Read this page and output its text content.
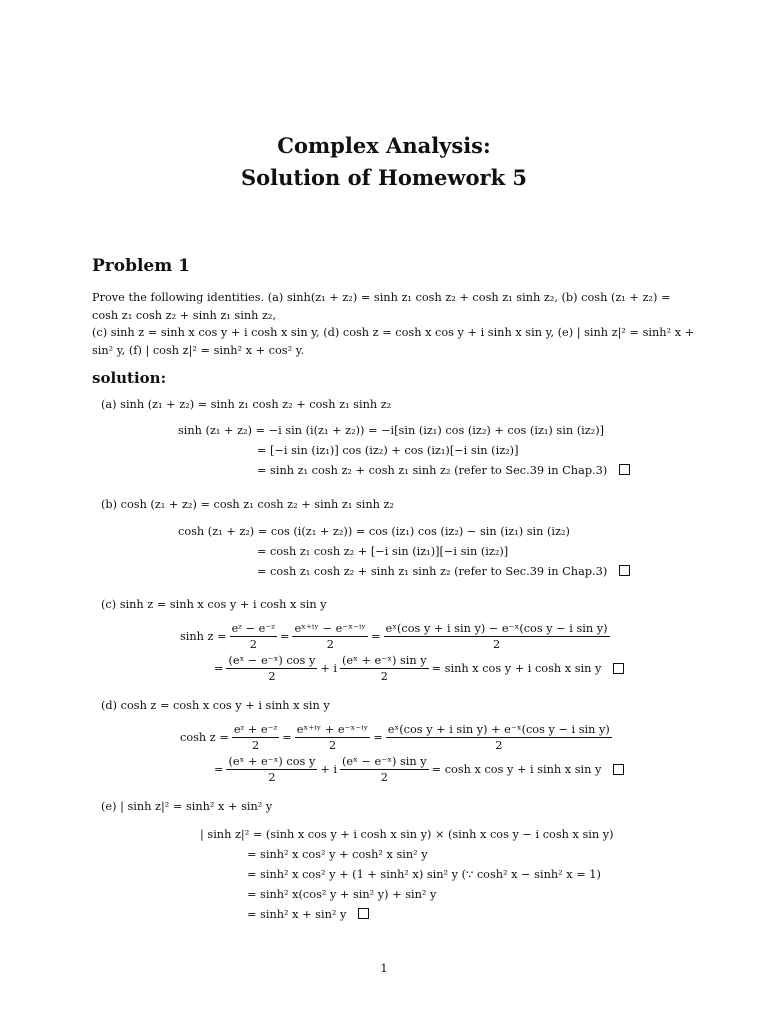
Complex Analysis:
Solution of Homework 5
Problem 1
Prove the following identities. (a) sinh(z₁ + z₂) = sinh z₁ cosh z₂ + cosh z₁ sinh z₂, (b) cosh (z₁ + z₂) =
cosh z₁ cosh z₂ + sinh z₁ sinh z₂,
(c) sinh z = sinh x cos y + i cosh x sin y, (d) cosh z = cosh x cos y + i sinh x sin y, (e) | sinh z|² = sinh² x +
sin² y, (f) | cosh z|² = sinh² x + cos² y.
solution:
(a) sinh (z₁ + z₂) = sinh z₁ cosh z₂ + cosh z₁ sinh z₂
sinh (z₁ + z₂) = −i sin (i(z₁ + z₂)) = −i[sin (iz₁) cos (iz₂) + cos (iz₁) sin (iz₂)]
= [−i sin (iz₁)] cos (iz₂) + cos (iz₁)[−i sin (iz₂)]
= sinh z₁ cosh z₂ + cosh z₁ sinh z₂ (refer to Sec.39 in Chap.3)
(b) cosh (z₁ + z₂) = cosh z₁ cosh z₂ + sinh z₁ sinh z₂
cosh (z₁ + z₂) = cos (i(z₁ + z₂)) = cos (iz₁) cos (iz₂) − sin (iz₁) sin (iz₂)
= cosh z₁ cosh z₂ + [−i sin (iz₁)][−i sin (iz₂)]
= cosh z₁ cosh z₂ + sinh z₁ sinh z₂ (refer to Sec.39 in Chap.3)
(c) sinh z = sinh x cos y + i cosh x sin y
$\sinh z = \frac{\text{eᶻ − e⁻ᶻ}}{2} = \frac{\text{eˣ⁺ⁱʸ − e⁻ˣ⁻ⁱʸ}}{2} = \frac{\text{eˣ(cos y + i sin y) − e⁻ˣ(cos y − i sin y)}}{2}$
= $\frac{\text{(eˣ − e⁻ˣ) cos y}}{2} + i \frac{\text{(eˣ + e⁻ˣ) sin y}}{2} = \sinh x$ cos y + i cosh x sin y
(d) cosh z = cosh x cos y + i sinh x sin y
$\cosh z = \frac{\text{eᶻ + e⁻ᶻ}}{2} = \frac{\text{eˣ⁺ⁱʸ + e⁻ˣ⁻ⁱʸ}}{2} = \frac{\text{eˣ(cos y + i sin y) + e⁻ˣ(cos y − i sin y)}}{2}$
= $\frac{\text{(eˣ + e⁻ˣ) cos y}}{2} + i \frac{\text{(eˣ − e⁻ˣ) sin y}}{2} = \cosh x$ cos y + i sinh x sin y
(e) | sinh z|² = sinh² x + sin² y
| sinh z|² = (sinh x cos y + i cosh x sin y) × (sinh x cos y − i cosh x sin y)
= sinh² x cos² y + cosh² x sin² y
= sinh² x cos² y + (1 + sinh² x) sin² y (∵ cosh² x − sinh² x = 1)
= sinh² x(cos² y + sin² y) + sin² y
= sinh² x + sin² y
1
